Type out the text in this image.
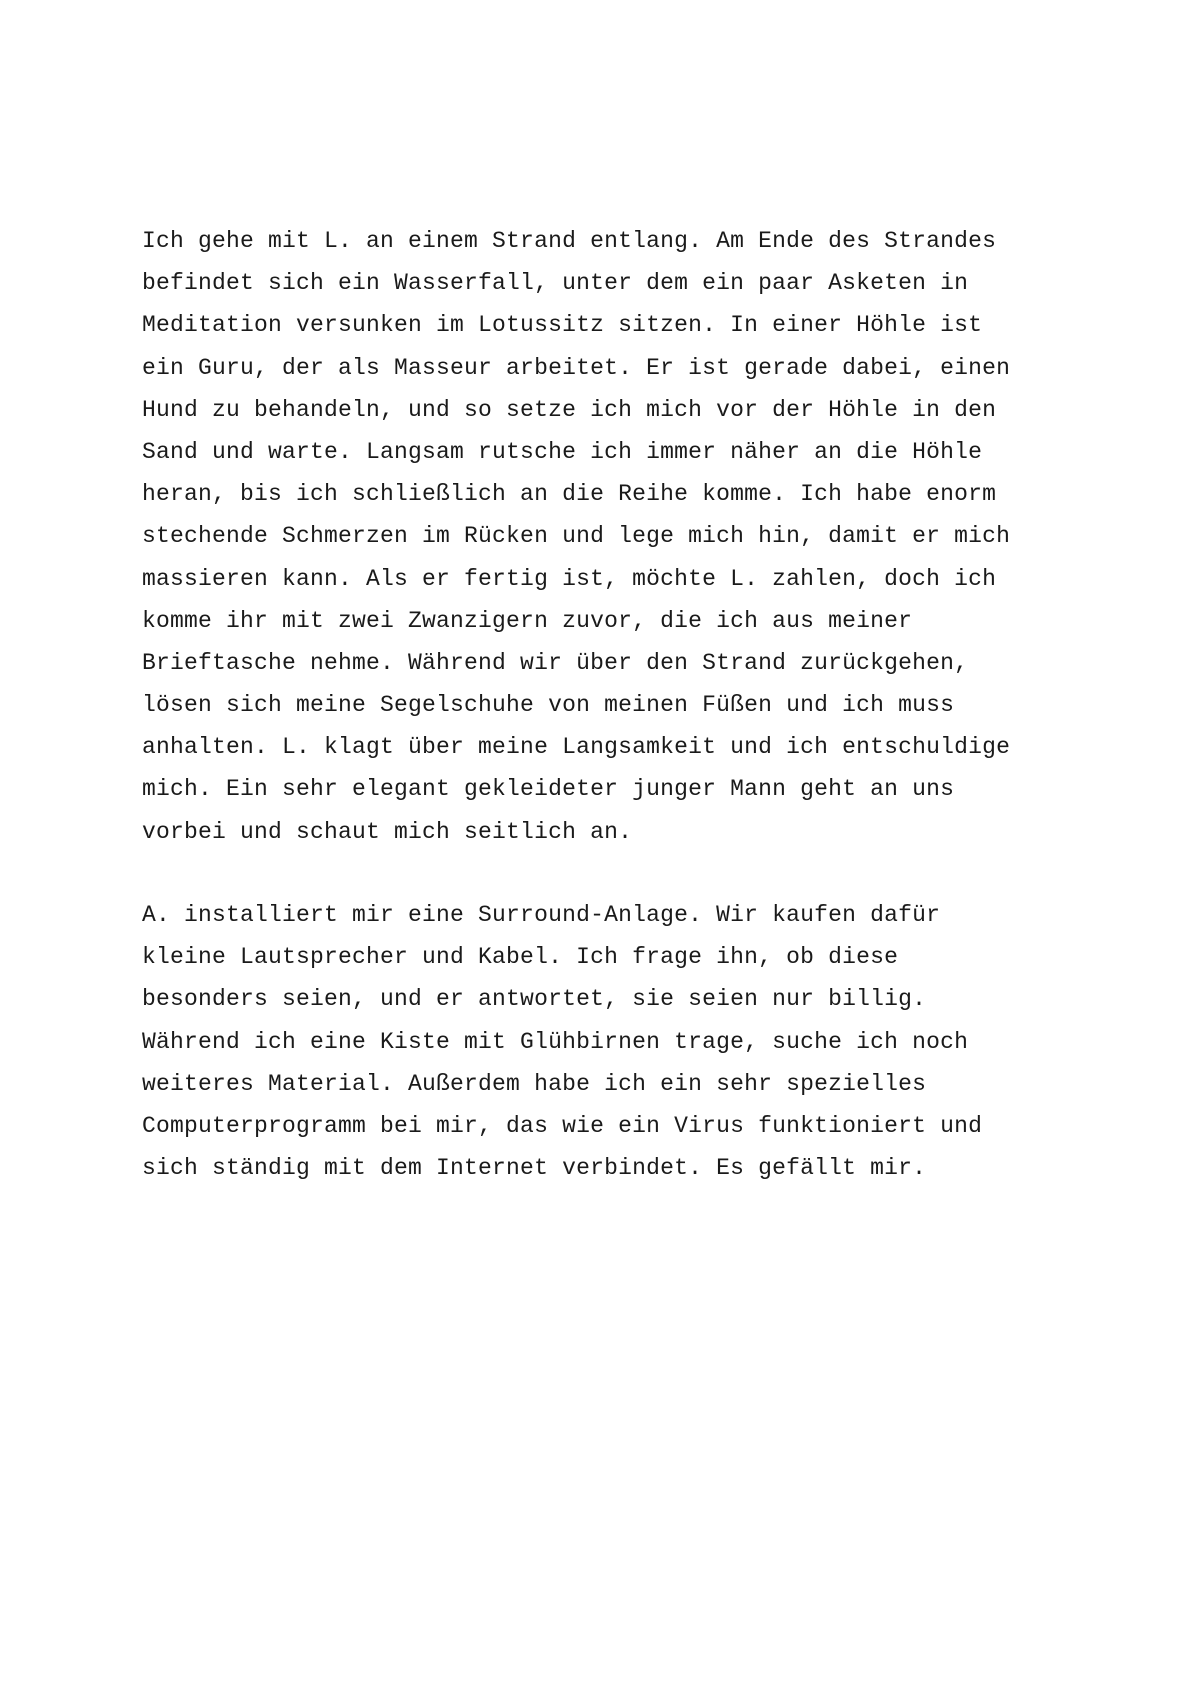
Ich gehe mit L. an einem Strand entlang. Am Ende des Strandes
befindet sich ein Wasserfall, unter dem ein paar Asketen in
Meditation versunken im Lotussitz sitzen. In einer Höhle ist
ein Guru, der als Masseur arbeitet. Er ist gerade dabei, einen
Hund zu behandeln, und so setze ich mich vor der Höhle in den
Sand und warte. Langsam rutsche ich immer näher an die Höhle
heran, bis ich schließlich an die Reihe komme. Ich habe enorm
stechende Schmerzen im Rücken und lege mich hin, damit er mich
massieren kann. Als er fertig ist, möchte L. zahlen, doch ich
komme ihr mit zwei Zwanzigern zuvor, die ich aus meiner
Brieftasche nehme. Während wir über den Strand zurückgehen,
lösen sich meine Segelschuhe von meinen Füßen und ich muss
anhalten. L. klagt über meine Langsamkeit und ich entschuldige
mich. Ein sehr elegant gekleideter junger Mann geht an uns
vorbei und schaut mich seitlich an.
A. installiert mir eine Surround-Anlage. Wir kaufen dafür
kleine Lautsprecher und Kabel. Ich frage ihn, ob diese
besonders seien, und er antwortet, sie seien nur billig.
Während ich eine Kiste mit Glühbirnen trage, suche ich noch
weiteres Material. Außerdem habe ich ein sehr spezielles
Computerprogramm bei mir, das wie ein Virus funktioniert und
sich ständig mit dem Internet verbindet. Es gefällt mir.
